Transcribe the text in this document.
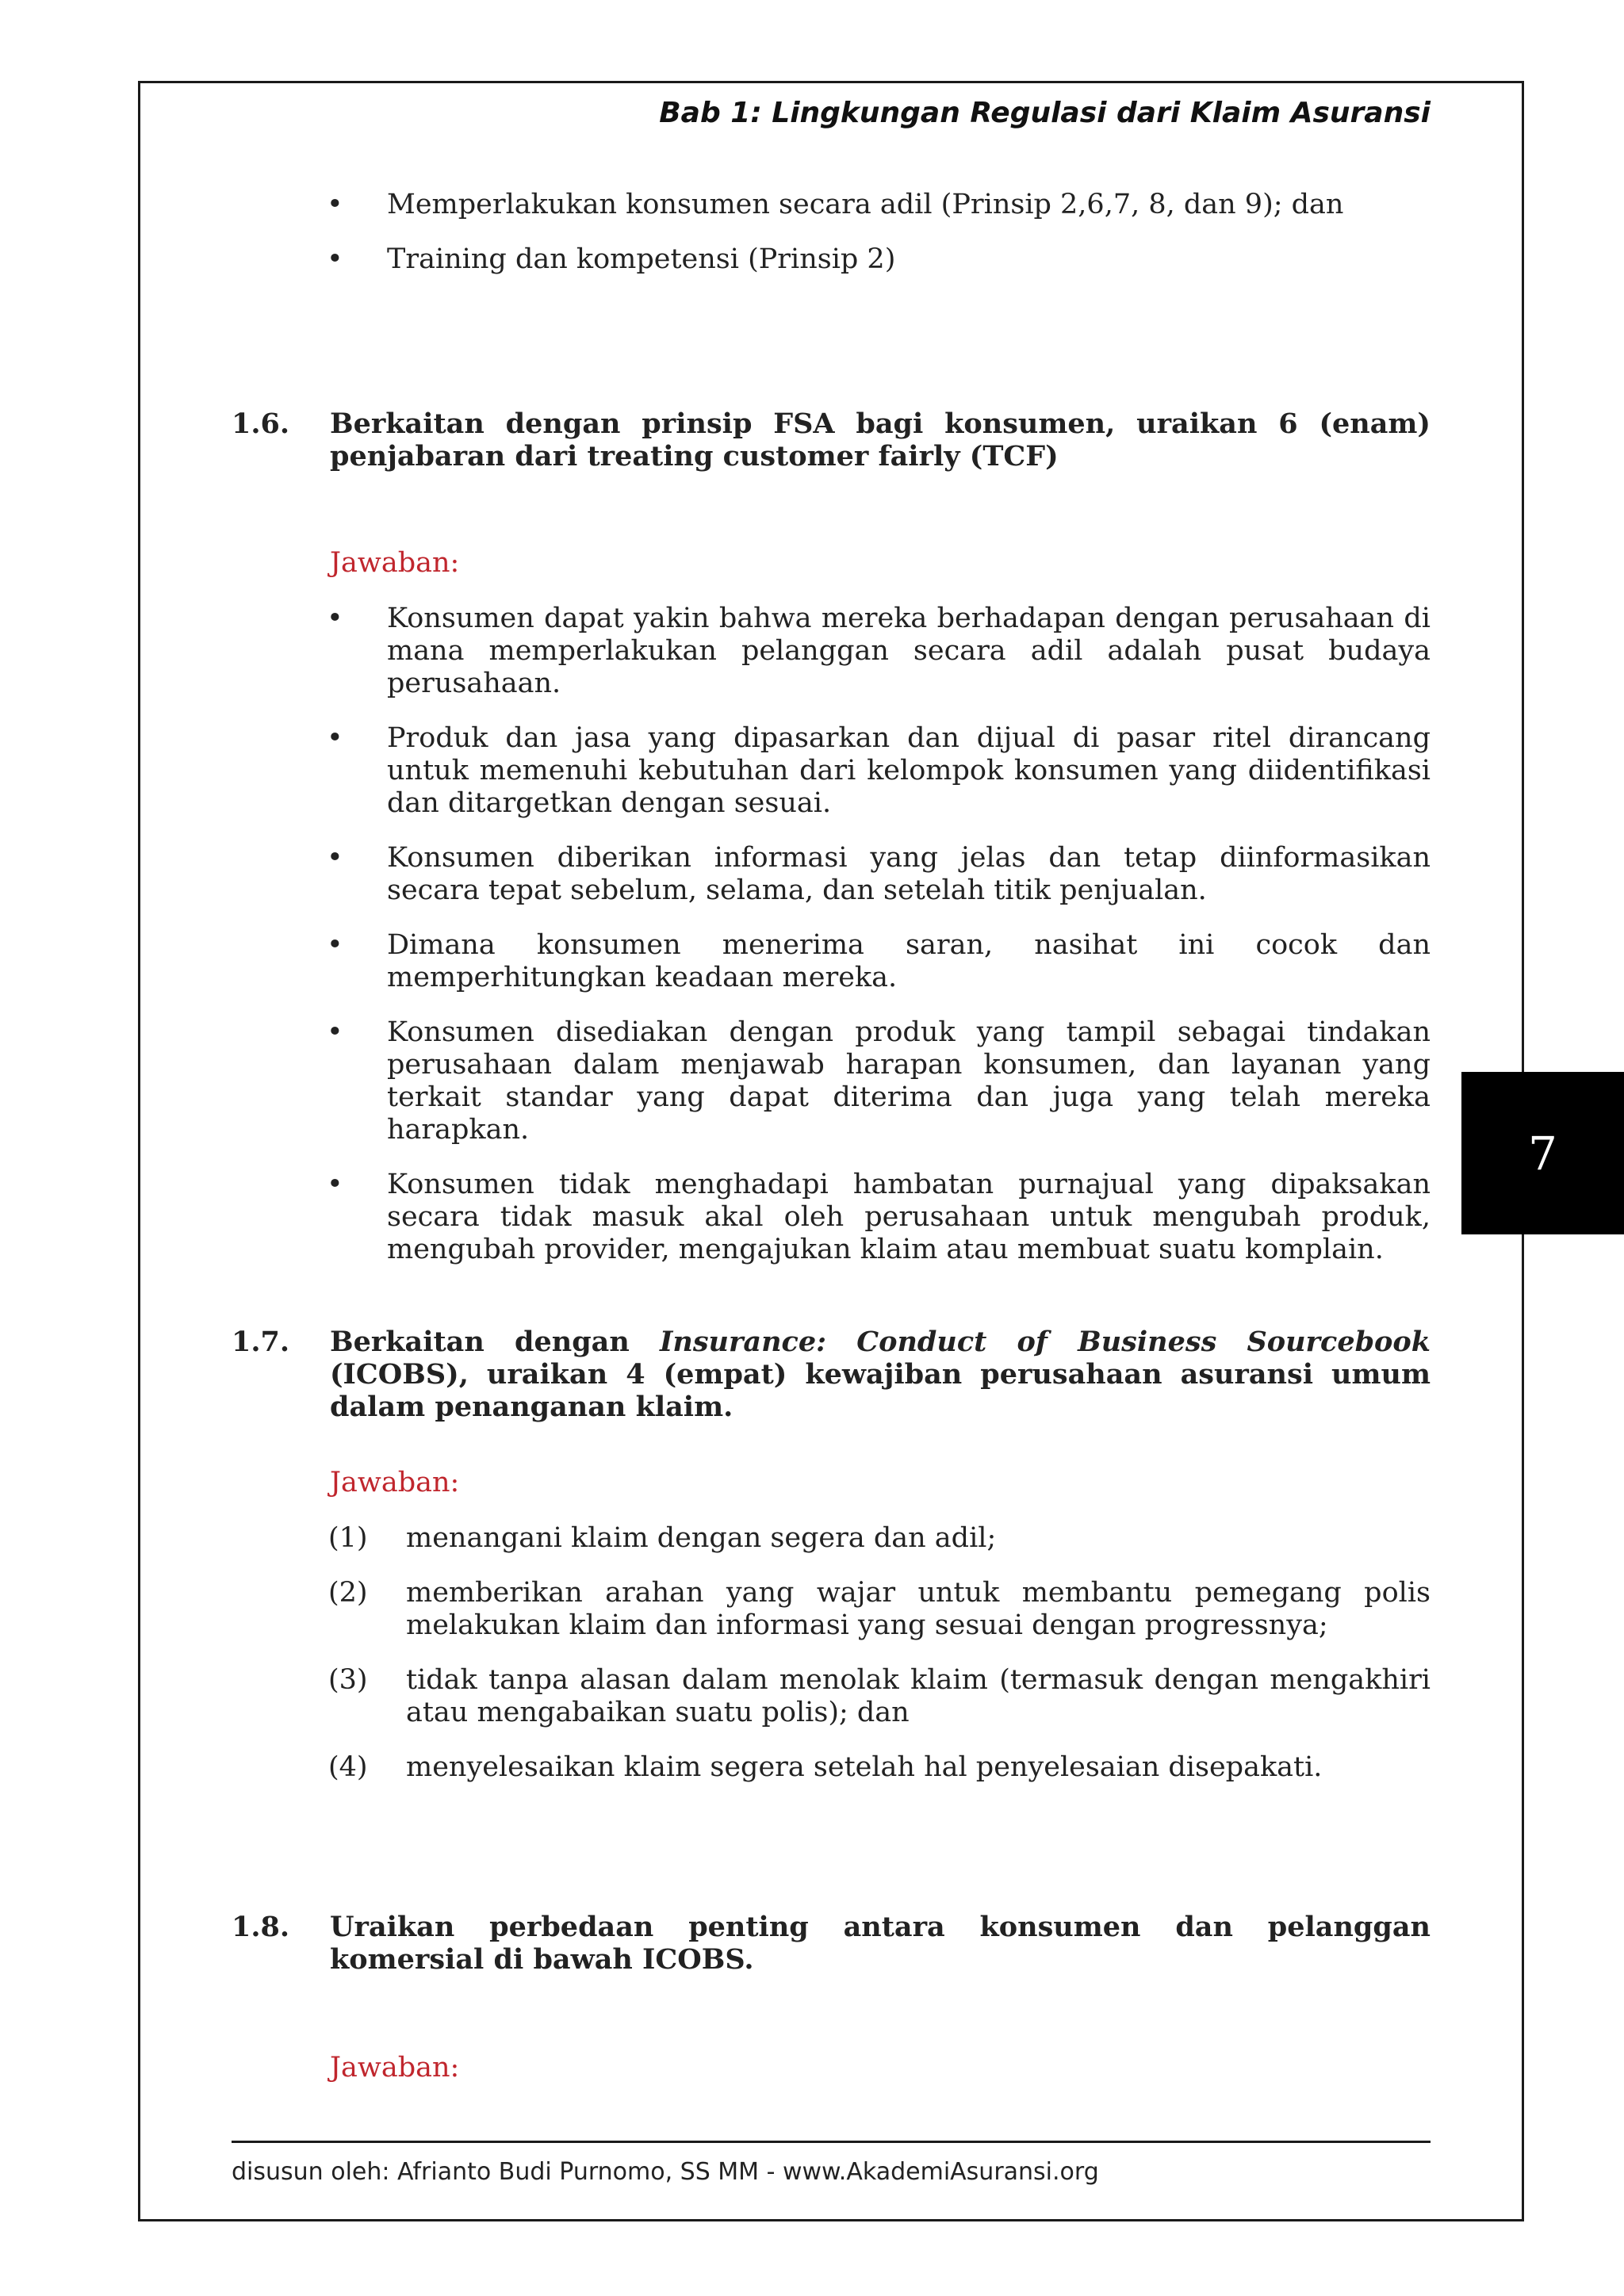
Bab 1: Lingkungan Regulasi dari Klaim Asuransi
• Memperlakukan konsumen secara adil (Prinsip 2,6,7, 8, dan 9); dan
• Training dan kompetensi (Prinsip 2)
1.6. Berkaitan dengan prinsip FSA bagi konsumen, uraikan 6 (enam) penjabaran dari treating customer fairly (TCF)
Jawaban:
• Konsumen dapat yakin bahwa mereka berhadapan dengan perusahaan di mana memperlakukan pelanggan secara adil adalah pusat budaya perusahaan.
• Produk dan jasa yang dipasarkan dan dijual di pasar ritel dirancang untuk memenuhi kebutuhan dari kelompok konsumen yang diidentifikasi dan ditargetkan dengan sesuai.
• Konsumen diberikan informasi yang jelas dan tetap diinformasikan secara tepat sebelum, selama, dan setelah titik penjualan.
• Dimana konsumen menerima saran, nasihat ini cocok dan memperhitungkan keadaan mereka.
• Konsumen disediakan dengan produk yang tampil sebagai tindakan perusahaan dalam menjawab harapan konsumen, dan layanan yang terkait standar yang dapat diterima dan juga yang telah mereka harapkan.
• Konsumen tidak menghadapi hambatan purnajual yang dipaksakan secara tidak masuk akal oleh perusahaan untuk mengubah produk, mengubah provider, mengajukan klaim atau membuat suatu komplain.
1.7. Berkaitan dengan Insurance: Conduct of Business Sourcebook (ICOBS), uraikan 4 (empat) kewajiban perusahaan asuransi umum dalam penanganan klaim.
Jawaban:
(1) menangani klaim dengan segera dan adil;
(2) memberikan arahan yang wajar untuk membantu pemegang polis melakukan klaim dan informasi yang sesuai dengan progressnya;
(3) tidak tanpa alasan dalam menolak klaim (termasuk dengan mengakhiri atau mengabaikan suatu polis); dan
(4) menyelesaikan klaim segera setelah hal penyelesaian disepakati.
1.8. Uraikan perbedaan penting antara konsumen dan pelanggan komersial di bawah ICOBS.
Jawaban:
7
disusun oleh: Afrianto Budi Purnomo, SS MM - www.AkademiAsuransi.org
